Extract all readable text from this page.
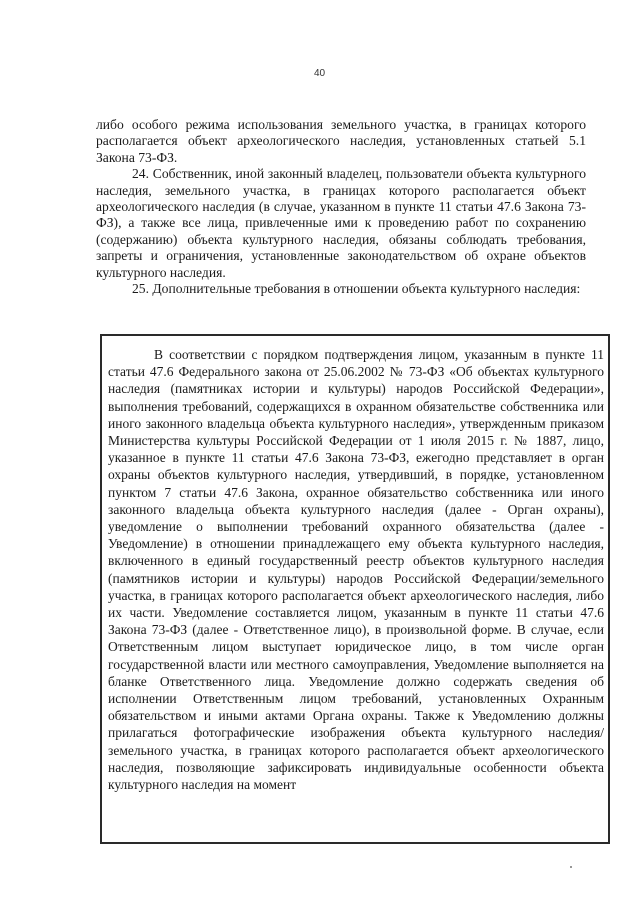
40

либо особого режима использования земельного участка, в границах которого располагается объект археологического наследия, установленных статьей 5.1 Закона 73-ФЗ.

24. Собственник, иной законный владелец, пользователи объекта культурного наследия, земельного участка, в границах которого располагается объект археологического наследия (в случае, указанном в пункте 11 статьи 47.6 Закона 73-ФЗ), а также все лица, привлеченные ими к проведению работ по сохранению (содержанию) объекта культурного наследия, обязаны соблюдать требования, запреты и ограничения, установленные законодательством об охране объектов культурного наследия.

25. Дополнительные требования в отношении объекта культурного наследия:

В соответствии с порядком подтверждения лицом, указанным в пункте 11 статьи 47.6 Федерального закона от 25.06.2002 № 73-ФЗ «Об объектах культурного наследия (памятниках истории и культуры) народов Российской Федерации», выполнения требований, содержащихся в охранном обязательстве собственника или иного законного владельца объекта культурного наследия», утвержденным приказом Министерства культуры Российской Федерации от 1 июля 2015 г. № 1887, лицо, указанное в пункте 11 статьи 47.6 Закона 73-ФЗ, ежегодно представляет в орган охраны объектов культурного наследия, утвердивший, в порядке, установленном пунктом 7 статьи 47.6 Закона, охранное обязательство собственника или иного законного владельца объекта культурного наследия (далее - Орган охраны), уведомление о выполнении требований охранного обязательства (далее - Уведомление) в отношении принадлежащего ему объекта культурного наследия, включенного в единый государственный реестр объектов культурного наследия (памятников истории и культуры) народов Российской Федерации/земельного участка, в границах которого располагается объект археологического наследия, либо их части. Уведомление составляется лицом, указанным в пункте 11 статьи 47.6 Закона 73-ФЗ (далее - Ответственное лицо), в произвольной форме. В случае, если Ответственным лицом выступает юридическое лицо, в том числе орган государственной власти или местного самоуправления, Уведомление выполняется на бланке Ответственного лица. Уведомление должно содержать сведения об исполнении Ответственным лицом требований, установленных Охранным обязательством и иными актами Органа охраны. Также к Уведомлению должны прилагаться фотографические изображения объекта культурного наследия/земельного участка, в границах которого располагается объект археологического наследия, позволяющие зафиксировать индивидуальные особенности объекта культурного наследия на момент
